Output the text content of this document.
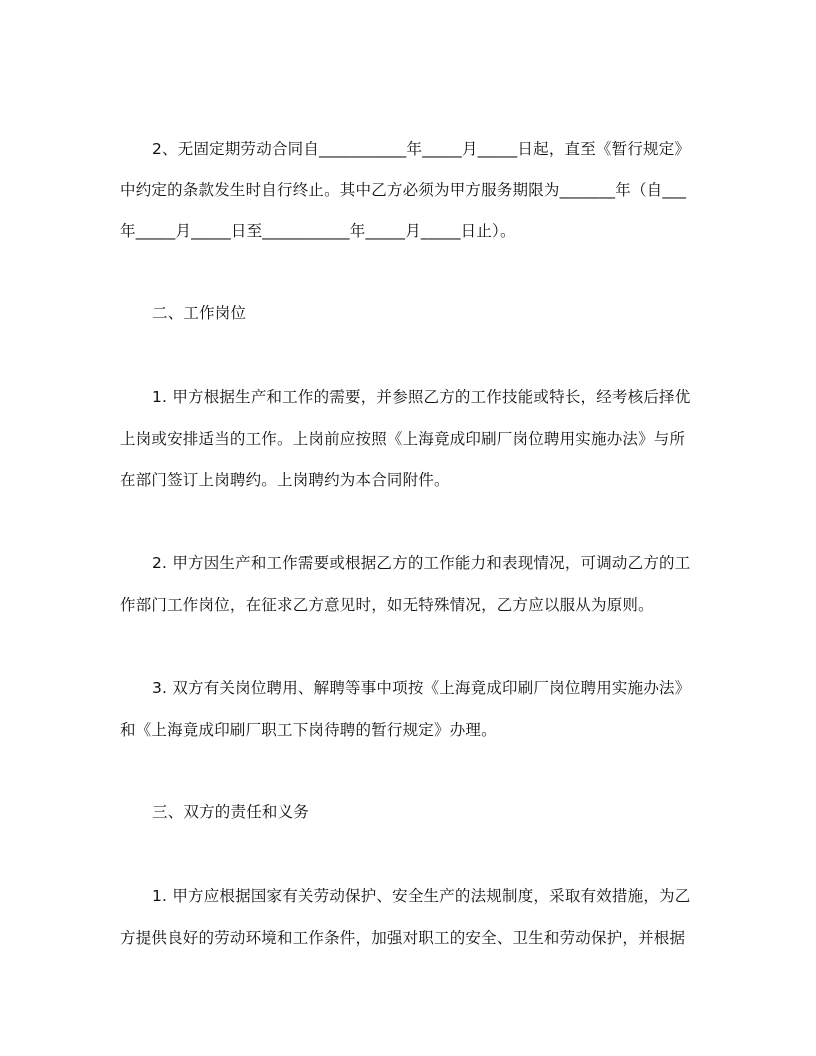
2、无固定期劳动合同自___________年_____月_____日起，直至《暂行规定》
中约定的条款发生时自行终止。其中乙方必须为甲方服务期限为_______年（自___
年_____月_____日至___________年_____月_____日止）。
二、工作岗位
1. 甲方根据生产和工作的需要，并参照乙方的工作技能或特长，经考核后择优
上岗或安排适当的工作。上岗前应按照《上海竟成印刷厂岗位聘用实施办法》与所
在部门签订上岗聘约。上岗聘约为本合同附件。
2. 甲方因生产和工作需要或根据乙方的工作能力和表现情况，可调动乙方的工
作部门工作岗位，在征求乙方意见时，如无特殊情况，乙方应以服从为原则。
3. 双方有关岗位聘用、解聘等事中项按《上海竟成印刷厂岗位聘用实施办法》
和《上海竟成印刷厂职工下岗待聘的暂行规定》办理。
三、双方的责任和义务
1. 甲方应根据国家有关劳动保护、安全生产的法规制度，采取有效措施，为乙
方提供良好的劳动环境和工作条件，加强对职工的安全、卫生和劳动保护，并根据
